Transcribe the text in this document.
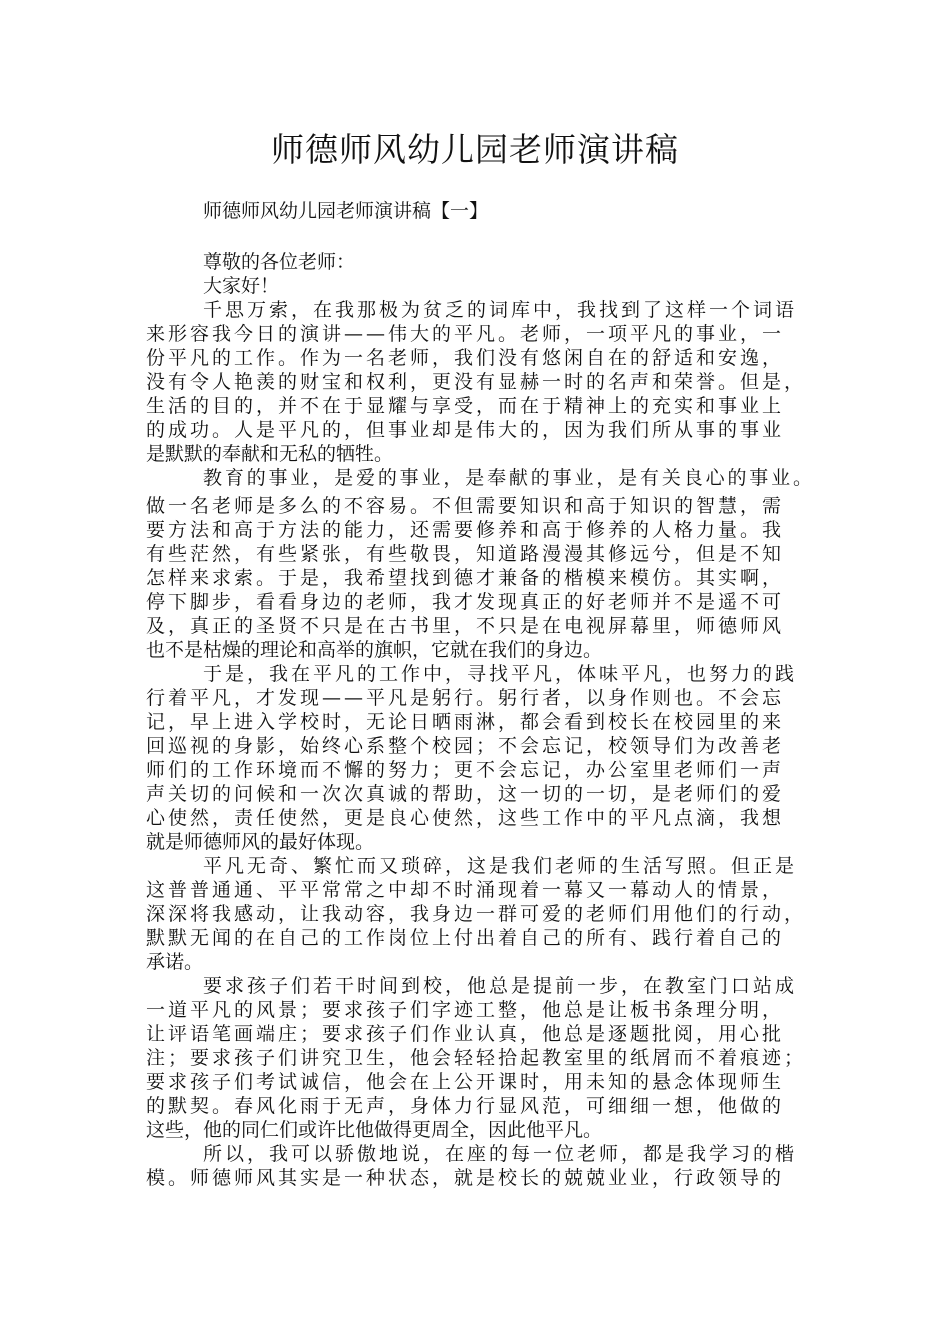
师德师风幼儿园老师演讲稿
师德师风幼儿园老师演讲稿【一】
尊敬的各位老师：
大家好！
千思万索，在我那极为贫乏的词库中，我找到了这样一个词语
来形容我今日的演讲——伟大的平凡。老师，一项平凡的事业，一
份平凡的工作。作为一名老师，我们没有悠闲自在的舒适和安逸，
没有令人艳羡的财宝和权利，更没有显赫一时的名声和荣誉。但是，
生活的目的，并不在于显耀与享受，而在于精神上的充实和事业上
的成功。人是平凡的，但事业却是伟大的，因为我们所从事的事业
是默默的奉献和无私的牺牲。
教育的事业，是爱的事业，是奉献的事业，是有关良心的事业。
做一名老师是多么的不容易。不但需要知识和高于知识的智慧，需
要方法和高于方法的能力，还需要修养和高于修养的人格力量。我
有些茫然，有些紧张，有些敬畏，知道路漫漫其修远兮，但是不知
怎样来求索。于是，我希望找到德才兼备的楷模来模仿。其实啊，
停下脚步，看看身边的老师，我才发现真正的好老师并不是遥不可
及，真正的圣贤不只是在古书里，不只是在电视屏幕里，师德师风
也不是枯燥的理论和高举的旗帜，它就在我们的身边。
于是，我在平凡的工作中，寻找平凡，体味平凡，也努力的践
行着平凡，才发现——平凡是躬行。躬行者，以身作则也。不会忘
记，早上进入学校时，无论日晒雨淋，都会看到校长在校园里的来
回巡视的身影，始终心系整个校园；不会忘记，校领导们为改善老
师们的工作环境而不懈的努力；更不会忘记，办公室里老师们一声
声关切的问候和一次次真诚的帮助，这一切的一切，是老师们的爱
心使然，责任使然，更是良心使然，这些工作中的平凡点滴，我想
就是师德师风的最好体现。
平凡无奇、繁忙而又琐碎，这是我们老师的生活写照。但正是
这普普通通、平平常常之中却不时涌现着一幕又一幕动人的情景，
深深将我感动，让我动容，我身边一群可爱的老师们用他们的行动，
默默无闻的在自己的工作岗位上付出着自己的所有、践行着自己的
承诺。
要求孩子们若干时间到校，他总是提前一步，在教室门口站成
一道平凡的风景；要求孩子们字迹工整，他总是让板书条理分明，
让评语笔画端庄；要求孩子们作业认真，他总是逐题批阅，用心批
注；要求孩子们讲究卫生，他会轻轻拾起教室里的纸屑而不着痕迹；
要求孩子们考试诚信，他会在上公开课时，用未知的悬念体现师生
的默契。春风化雨于无声，身体力行显风范，可细细一想，他做的
这些，他的同仁们或许比他做得更周全，因此他平凡。
所以，我可以骄傲地说，在座的每一位老师，都是我学习的楷
模。师德师风其实是一种状态，就是校长的兢兢业业，行政领导的
